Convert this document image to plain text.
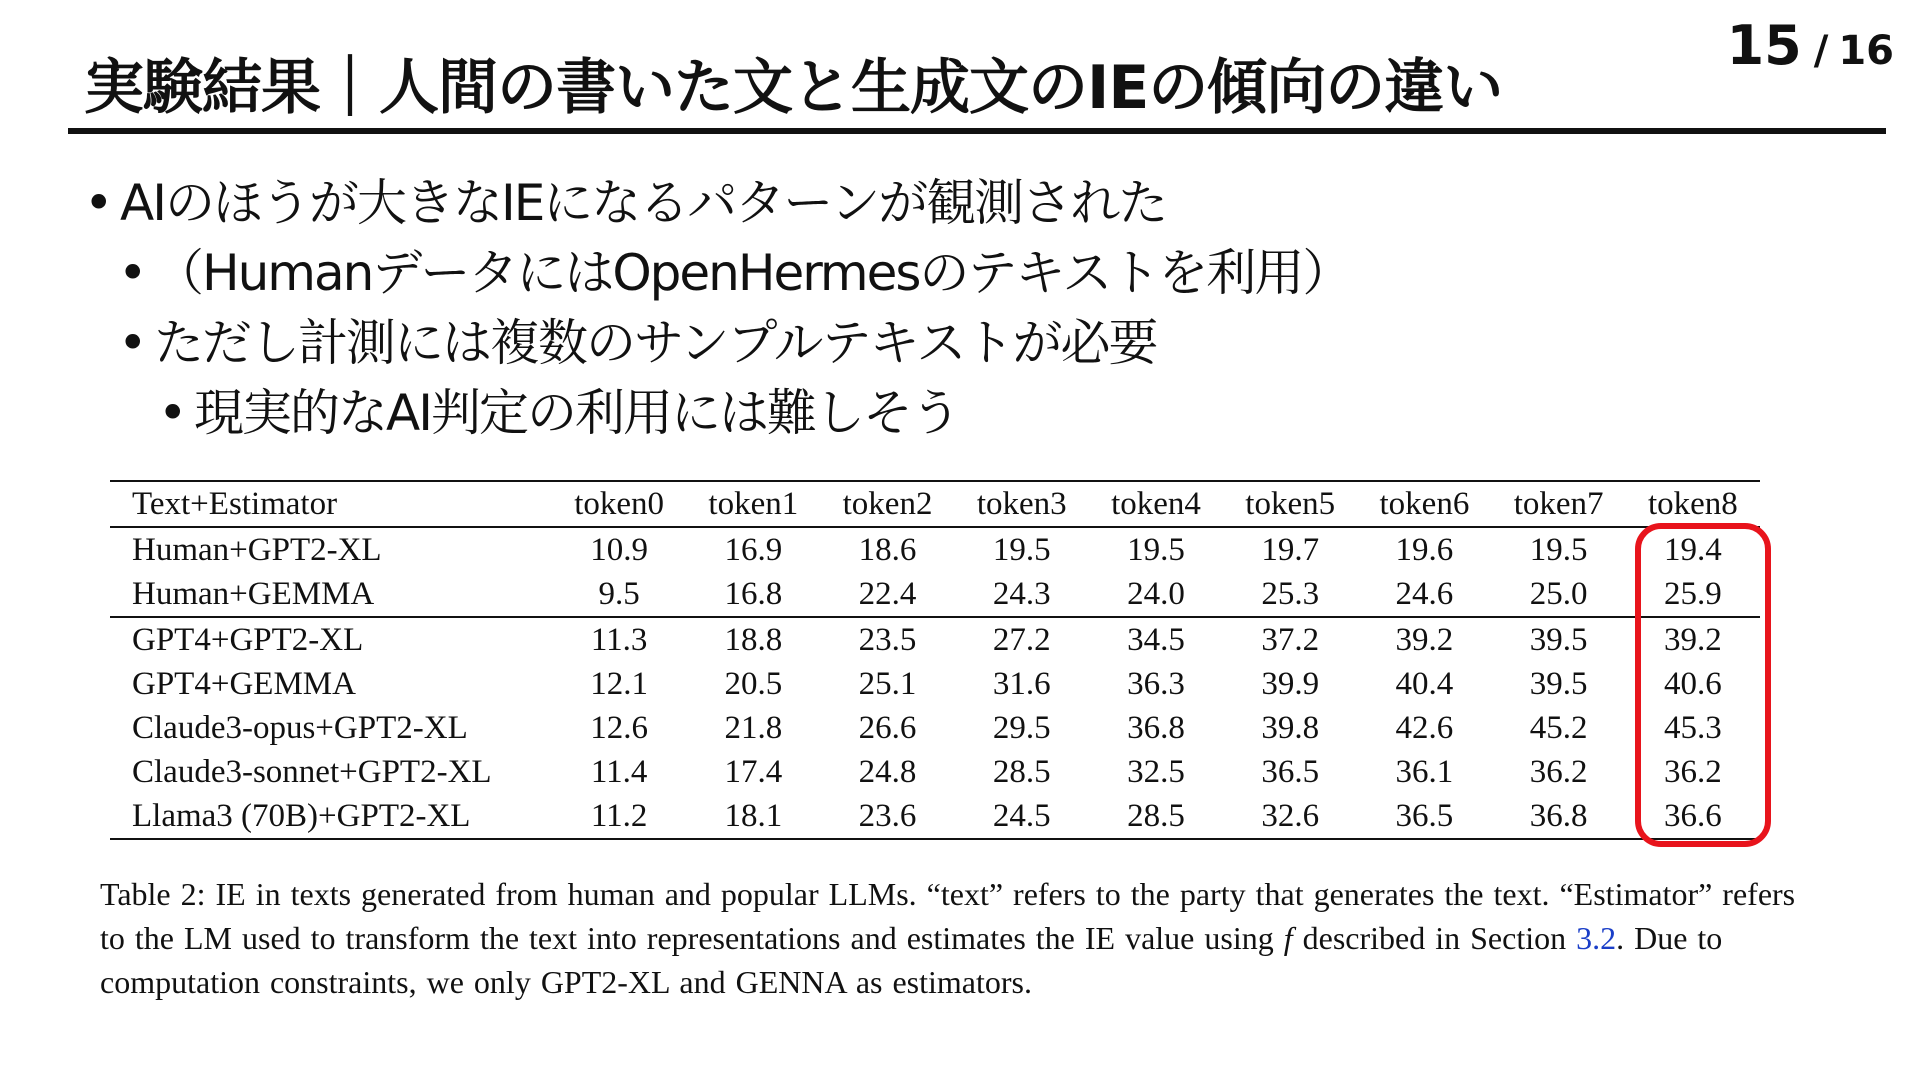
実験結果｜人間の書いた文と生成文のIEの傾向の違い
15 / 16
• AIのほうが大きなIEになるパターンが観測された
• （HumanデータにはOpenHermesのテキストを利用）
• ただし計測には複数のサンプルテキストが必要
• 現実的なAI判定の利用には難しそう
Text+Estimator	token0	token1	token2	token3	token4	token5	token6	token7	token8
Human+GPT2-XL	10.9	16.9	18.6	19.5	19.5	19.7	19.6	19.5	19.4
Human+GEMMA	9.5	16.8	22.4	24.3	24.0	25.3	24.6	25.0	25.9
GPT4+GPT2-XL	11.3	18.8	23.5	27.2	34.5	37.2	39.2	39.5	39.2
GPT4+GEMMA	12.1	20.5	25.1	31.6	36.3	39.9	40.4	39.5	40.6
Claude3-opus+GPT2-XL	12.6	21.8	26.6	29.5	36.8	39.8	42.6	45.2	45.3
Claude3-sonnet+GPT2-XL	11.4	17.4	24.8	28.5	32.5	36.5	36.1	36.2	36.2
Llama3 (70B)+GPT2-XL	11.2	18.1	23.6	24.5	28.5	32.6	36.5	36.8	36.6
Table 2: IE in texts generated from human and popular LLMs. “text” refers to the party that generates the text. “Estimator” refers to the LM used to transform the text into representations and estimates the IE value using f described in Section 3.2. Due to computation constraints, we only GPT2-XL and GENNA as estimators.
